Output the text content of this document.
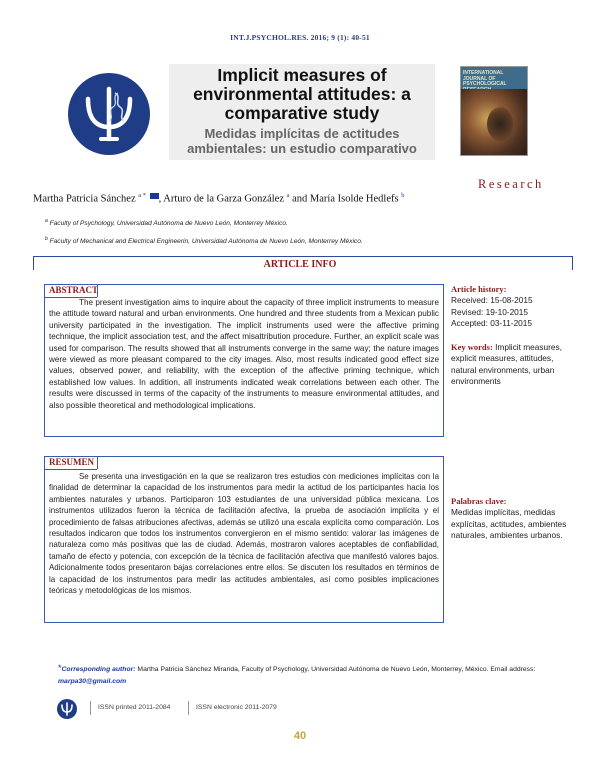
INT.J.PSYCHOL.RES. 2016; 9 (1): 40-51
Implicit measures of
environmental attitudes: a
comparative study
Medidas implícitas de actitudes
ambientales: un estudio comparativo
INTERNATIONAL JOURNAL OF
PSYCHOLOGICAL
Research
Martha Patricia Sánchez $^{a *}$ , Arturo de la Garza González $^a$ and María Isolde Hedlefs $^b$
$^a$ Faculty of Psychology, Universidad Autónoma de Nuevo León, Monterrey México.
$^b$ Faculty of Mechanical and Electrical Engineerin, Universidad Autónoma de Nuevo León, Monterrey México.
ARTICLE INFO
ABSTRACT
The present investigation aims to inquire about the capacity of three implicit instruments to measure the attitude toward natural and urban environments. One hundred and three students from a Mexican public university participated in the investigation. The implicit instruments used were the affective priming technique, the implicit association test, and the affect misattribution procedure. Further, an explicit scale was used for comparison. The results showed that all instruments converge in the same way; the nature images were viewed as more pleasant compared to the city images. Also, most results indicated good effect size values, observed power, and reliability, with the exception of the affective priming technique, which established low values. In addition, all instruments indicated weak correlations between each other. The results were discussed in terms of the capacity of the instruments to measure environmental attitudes, and also possible theoretical and methodological implications.
RESUMEN
Se presenta una investigación en la que se realizaron tres estudios con mediciones implícitas con la finalidad de determinar la capacidad de los instrumentos para medir la actitud de los participantes hacia los ambientes naturales y urbanos. Participaron 103 estudiantes de una universidad pública mexicana. Los instrumentos utilizados fueron la técnica de facilitación afectiva, la prueba de asociación implícita y el procedimiento de falsas atribuciones afectivas, además se utilizó una escala explícita como comparación. Los resultados indicaron que todos los instrumentos convergieron en el mismo sentido: valorar las imágenes de naturaleza como más positivas que las de ciudad. Además, mostraron valores aceptables de confiabilidad, tamaño de efecto y potencia, con excepción de la técnica de facilitación afectiva que manifestó valores bajos. Adicionalmente todos presentaron bajas correlaciones entre ellos. Se discuten los resultados en términos de la capacidad de los instrumentos para medir las actitudes ambientales, así como posibles implicaciones teóricas y metodológicas de los mismos.
Article history:
Received: 15-08-2015
Revised: 19-10-2015
Accepted: 03-11-2015
Key words: Implicit measures, explicit measures, attitudes, natural environments, urban environments
Palabras clave:
Medidas implícitas, medidas explícitas, actitudes, ambientes naturales, ambientes urbanos.
*Corresponding author: Martha Patricia Sánchez Miranda, Faculty of Psychology, Universidad Autónoma de Nuevo León, Monterrey, México. Email address: marpa30@gmail.com
ISSN printed 2011-2084	ISSN electronic 2011-2079
40
